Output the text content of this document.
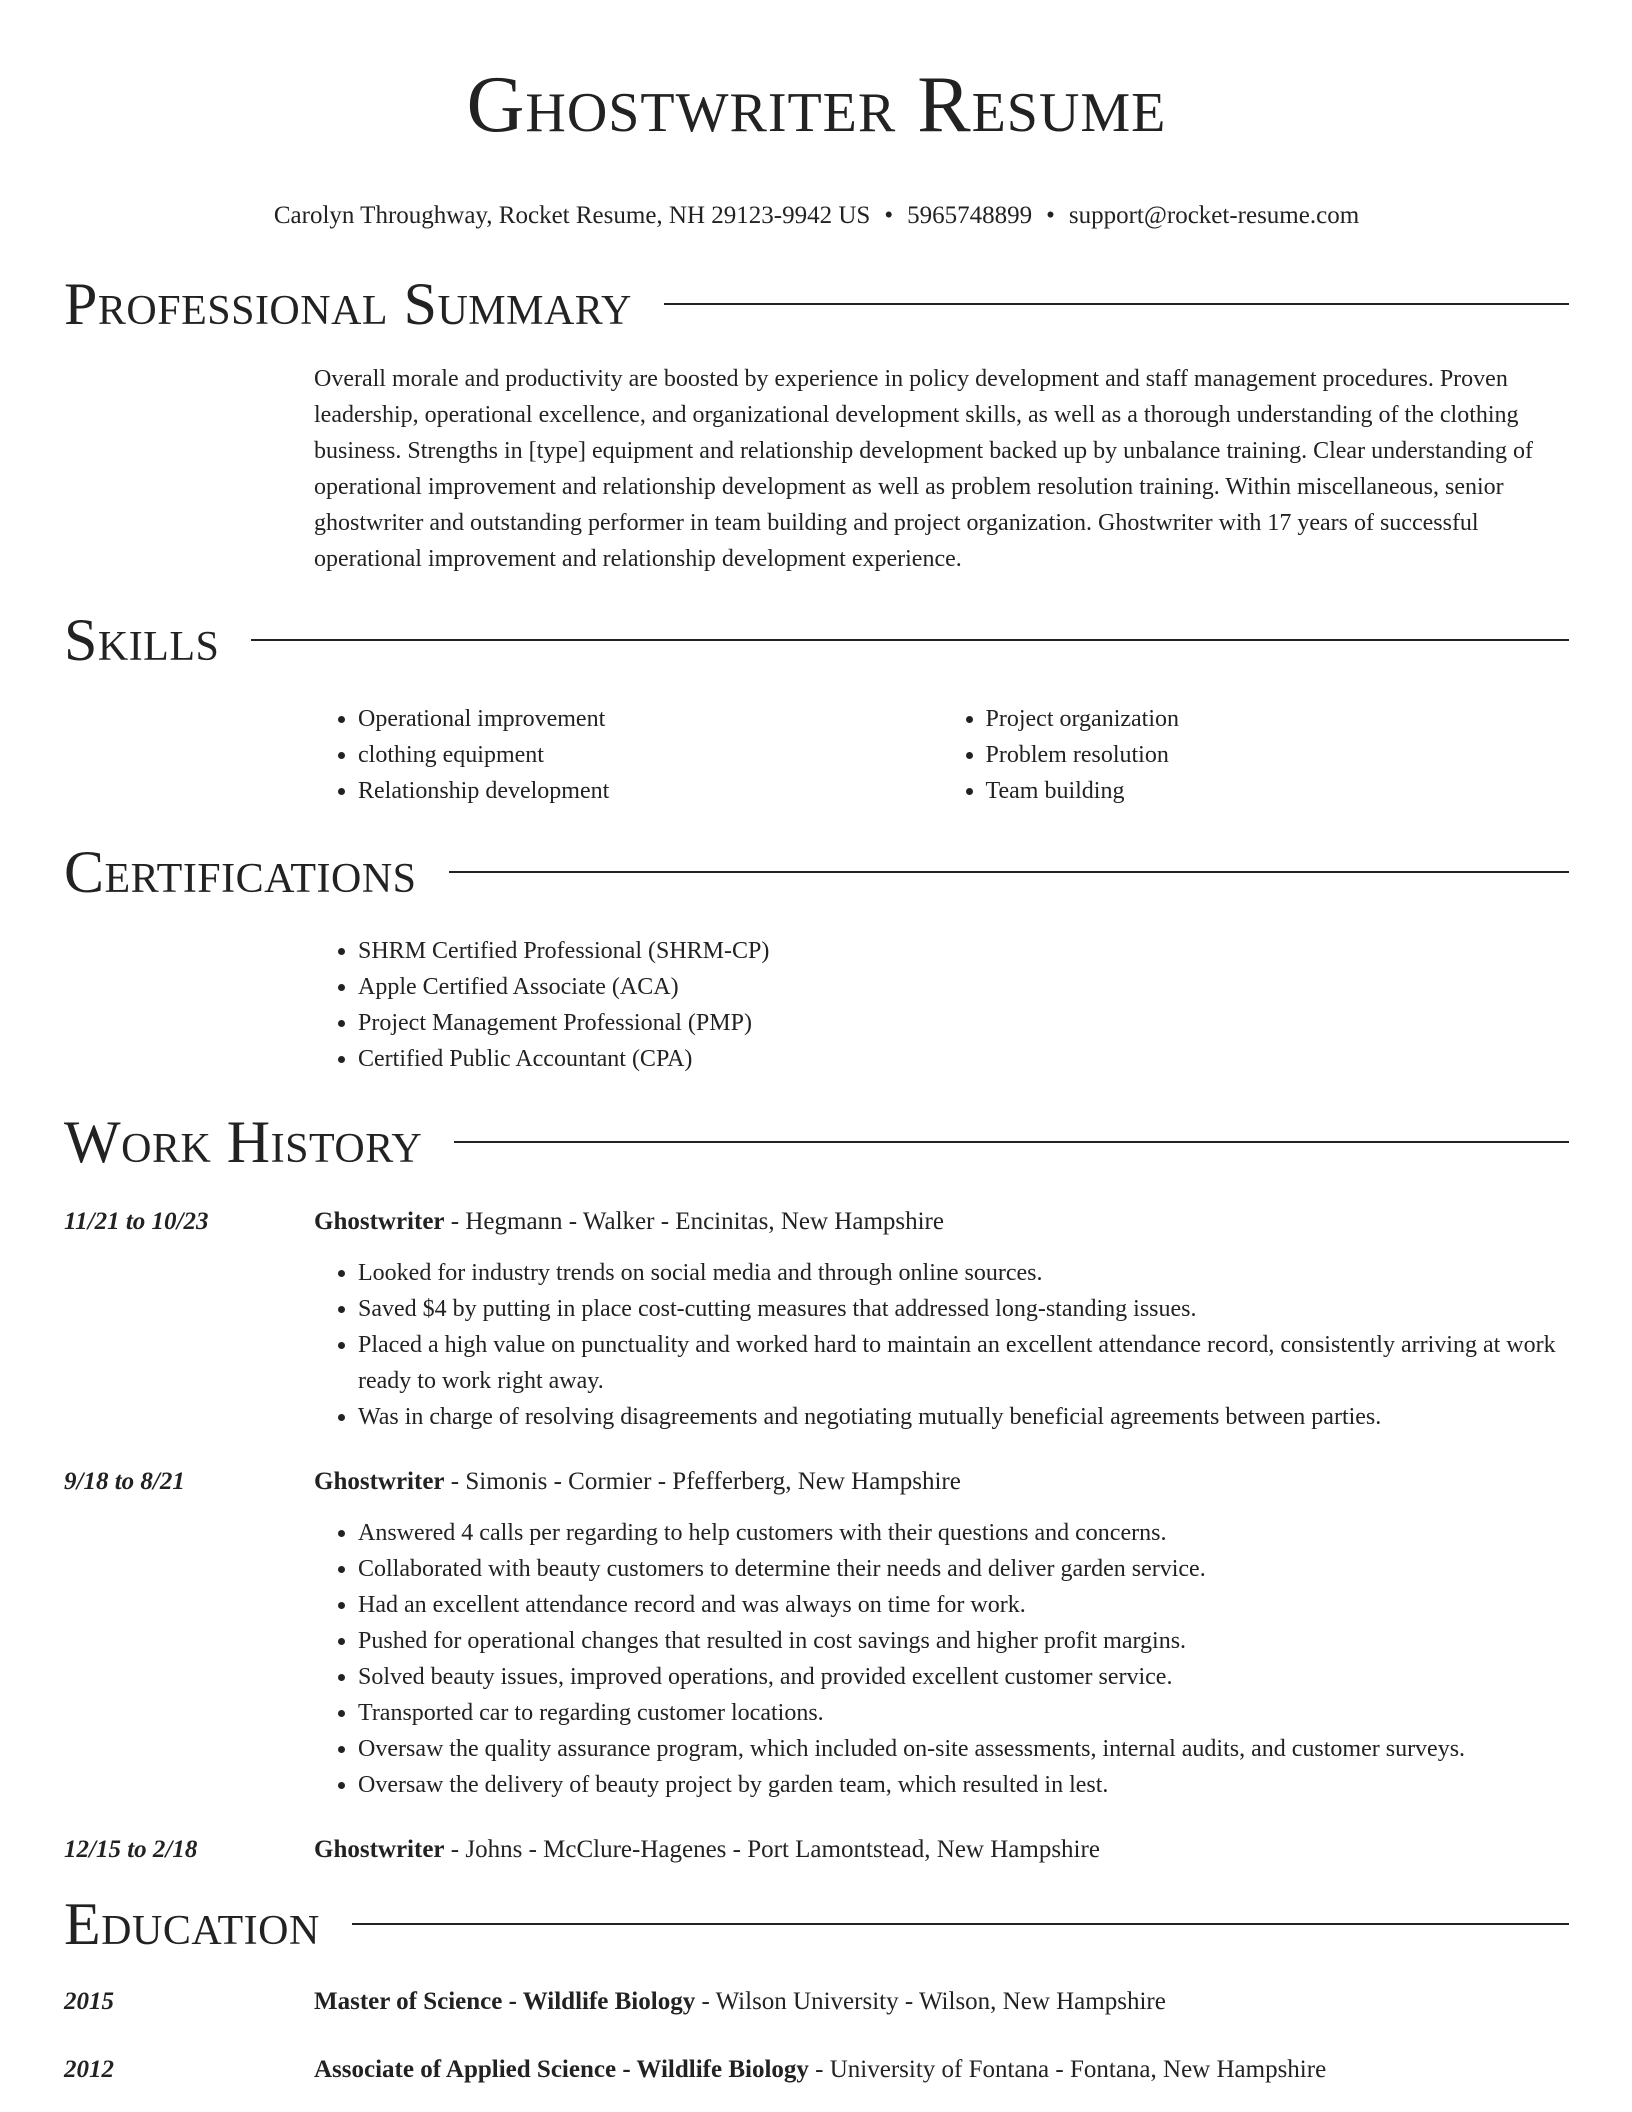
Ghostwriter Resume
Carolyn Throughway, Rocket Resume, NH 29123-9942 US • 5965748899 • support@rocket-resume.com
Professional Summary
Overall morale and productivity are boosted by experience in policy development and staff management procedures. Proven leadership, operational excellence, and organizational development skills, as well as a thorough understanding of the clothing business. Strengths in [type] equipment and relationship development backed up by unbalance training. Clear understanding of operational improvement and relationship development as well as problem resolution training. Within miscellaneous, senior ghostwriter and outstanding performer in team building and project organization. Ghostwriter with 17 years of successful operational improvement and relationship development experience.
Skills
• Operational improvement
• clothing equipment
• Relationship development
• Project organization
• Problem resolution
• Team building
Certifications
• SHRM Certified Professional (SHRM-CP)
• Apple Certified Associate (ACA)
• Project Management Professional (PMP)
• Certified Public Accountant (CPA)
Work History
11/21 to 10/23	Ghostwriter - Hegmann - Walker - Encinitas, New Hampshire
• Looked for industry trends on social media and through online sources.
• Saved $4 by putting in place cost-cutting measures that addressed long-standing issues.
• Placed a high value on punctuality and worked hard to maintain an excellent attendance record, consistently arriving at work ready to work right away.
• Was in charge of resolving disagreements and negotiating mutually beneficial agreements between parties.
9/18 to 8/21	Ghostwriter - Simonis - Cormier - Pfefferberg, New Hampshire
• Answered 4 calls per regarding to help customers with their questions and concerns.
• Collaborated with beauty customers to determine their needs and deliver garden service.
• Had an excellent attendance record and was always on time for work.
• Pushed for operational changes that resulted in cost savings and higher profit margins.
• Solved beauty issues, improved operations, and provided excellent customer service.
• Transported car to regarding customer locations.
• Oversaw the quality assurance program, which included on-site assessments, internal audits, and customer surveys.
• Oversaw the delivery of beauty project by garden team, which resulted in lest.
12/15 to 2/18	Ghostwriter - Johns - McClure-Hagenes - Port Lamontstead, New Hampshire
Education
2015	Master of Science - Wildlife Biology - Wilson University - Wilson, New Hampshire
2012	Associate of Applied Science - Wildlife Biology - University of Fontana - Fontana, New Hampshire
